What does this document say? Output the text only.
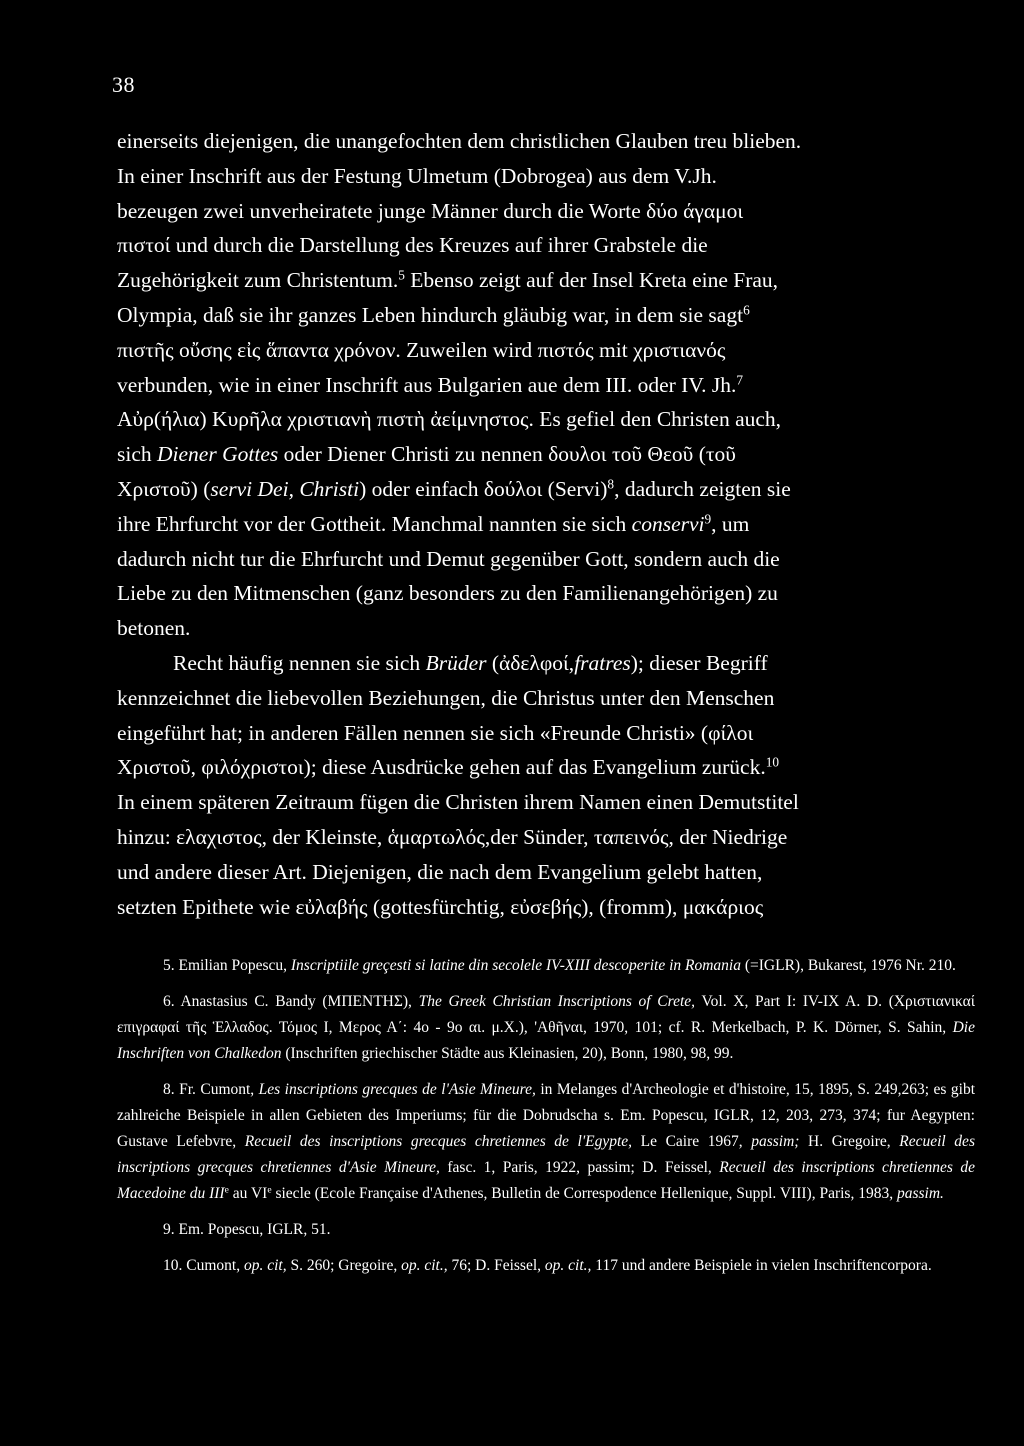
38

einerseits diejenigen, die unangefochten dem christlichen Glauben treu blieben.
In einer Inschrift aus der Festung Ulmetum (Dobrogea) aus dem V.Jh.
bezeugen zwei unverheiratete junge Männer durch die Worte δύο άγαμοι
πιστοί und durch die Darstellung des Kreuzes auf ihrer Grabstele die
Zugehörigkeit zum Christentum.$^5$ Ebenso zeigt auf der Insel Kreta eine Frau,
Olympia, daß sie ihr ganzes Leben hindurch gläubig war, in dem sie sagt$^6$
πιστῆς οὔσης εἰς ἅπαντα χρόνον. Zuweilen wird πιστός mit χριστιανός
verbunden, wie in einer Inschrift aus Bulgarien aue dem III. oder IV. Jh.$^7$
Αὐρ(ήλια) Κυρῆλα χριστιανὴ πιστὴ ἀείμνηστος. Es gefiel den Christen auch,
sich Diener Gottes oder Diener Christi zu nennen δουλοι τοῦ Θεοῦ (τοῦ
Χριστοῦ) (servi Dei, Christi) oder einfach δούλοι (Servi)$^8$, dadurch zeigten sie
ihre Ehrfurcht vor der Gottheit. Manchmal nannten sie sich conservi$^9$, um
dadurch nicht tur die Ehrfurcht und Demut gegenüber Gott, sondern auch die
Liebe zu den Mitmenschen (ganz besonders zu den Familienangehörigen) zu
betonen.

Recht häufig nennen sie sich Brüder (ἀδελφοί,fratres); dieser Begriff
kennzeichnet die liebevollen Beziehungen, die Christus unter den Menschen
eingeführt hat; in anderen Fällen nennen sie sich «Freunde Christi» (φίλοι
Χριστοῦ, φιλόχριστοι); diese Ausdrücke gehen auf das Evangelium zurück.$^{10}$
In einem späteren Zeitraum fügen die Christen ihrem Namen einen Demutstitel
hinzu: ελαχιστος, der Kleinste, ἁμαρτωλός,der Sünder, ταπεινός, der Niedrige
und andere dieser Art. Diejenigen, die nach dem Evangelium gelebt hatten,
setzten Epithete wie εὐλαβής (gottesfürchtig, εὐσεβής), (fromm), μακάριος

5. Emilian Popescu, Inscriptiile greçesti si latine din secolele IV-XIII descoperite in Romania (=IGLR), Bukarest, 1976 Nr. 210.

6. Anastasius C. Bandy (ΜΠΕΝΤΗΣ), The Greek Christian Inscriptions of Crete, Vol. X, Part I: IV-IX A. D. (Χριστιανικαί επιγραφαί τῆς Ἑλλαδος. Τόμος I, Μερος Α΄: 4ο - 9ο αι. μ.Χ.), 'Αθῆναι, 1970, 101; cf. R. Merkelbach, P. K. Dörner, S. Sahin, Die Inschriften von Chalkedon (Inschriften griechischer Städte aus Kleinasien, 20), Bonn, 1980, 98, 99.

8. Fr. Cumont, Les inscriptions grecques de l'Asie Mineure, in Melanges d'Archeologie et d'histoire, 15, 1895, S. 249,263; es gibt zahlreiche Beispiele in allen Gebieten des Imperiums; für die Dobrudscha s. Em. Popescu, IGLR, 12, 203, 273, 374; fur Aegypten: Gustave Lefebvre, Recueil des inscriptions grecques chretiennes de l'Egypte, Le Caire 1967, passim; H. Gregoire, Recueil des inscriptions grecques chretiennes d'Asie Mineure, fasc. 1, Paris, 1922, passim; D. Feissel, Recueil des inscriptions chretiennes de Macedoine du IIIe au VIe siecle (Ecole Française d'Athenes, Bulletin de Correspodence Hellenique, Suppl. VIII), Paris, 1983, passim.

9. Em. Popescu, IGLR, 51.

10. Cumont, op. cit, S. 260; Gregoire, op. cit., 76; D. Feissel, op. cit., 117 und andere Beispiele in vielen Inschriftencorpora.
